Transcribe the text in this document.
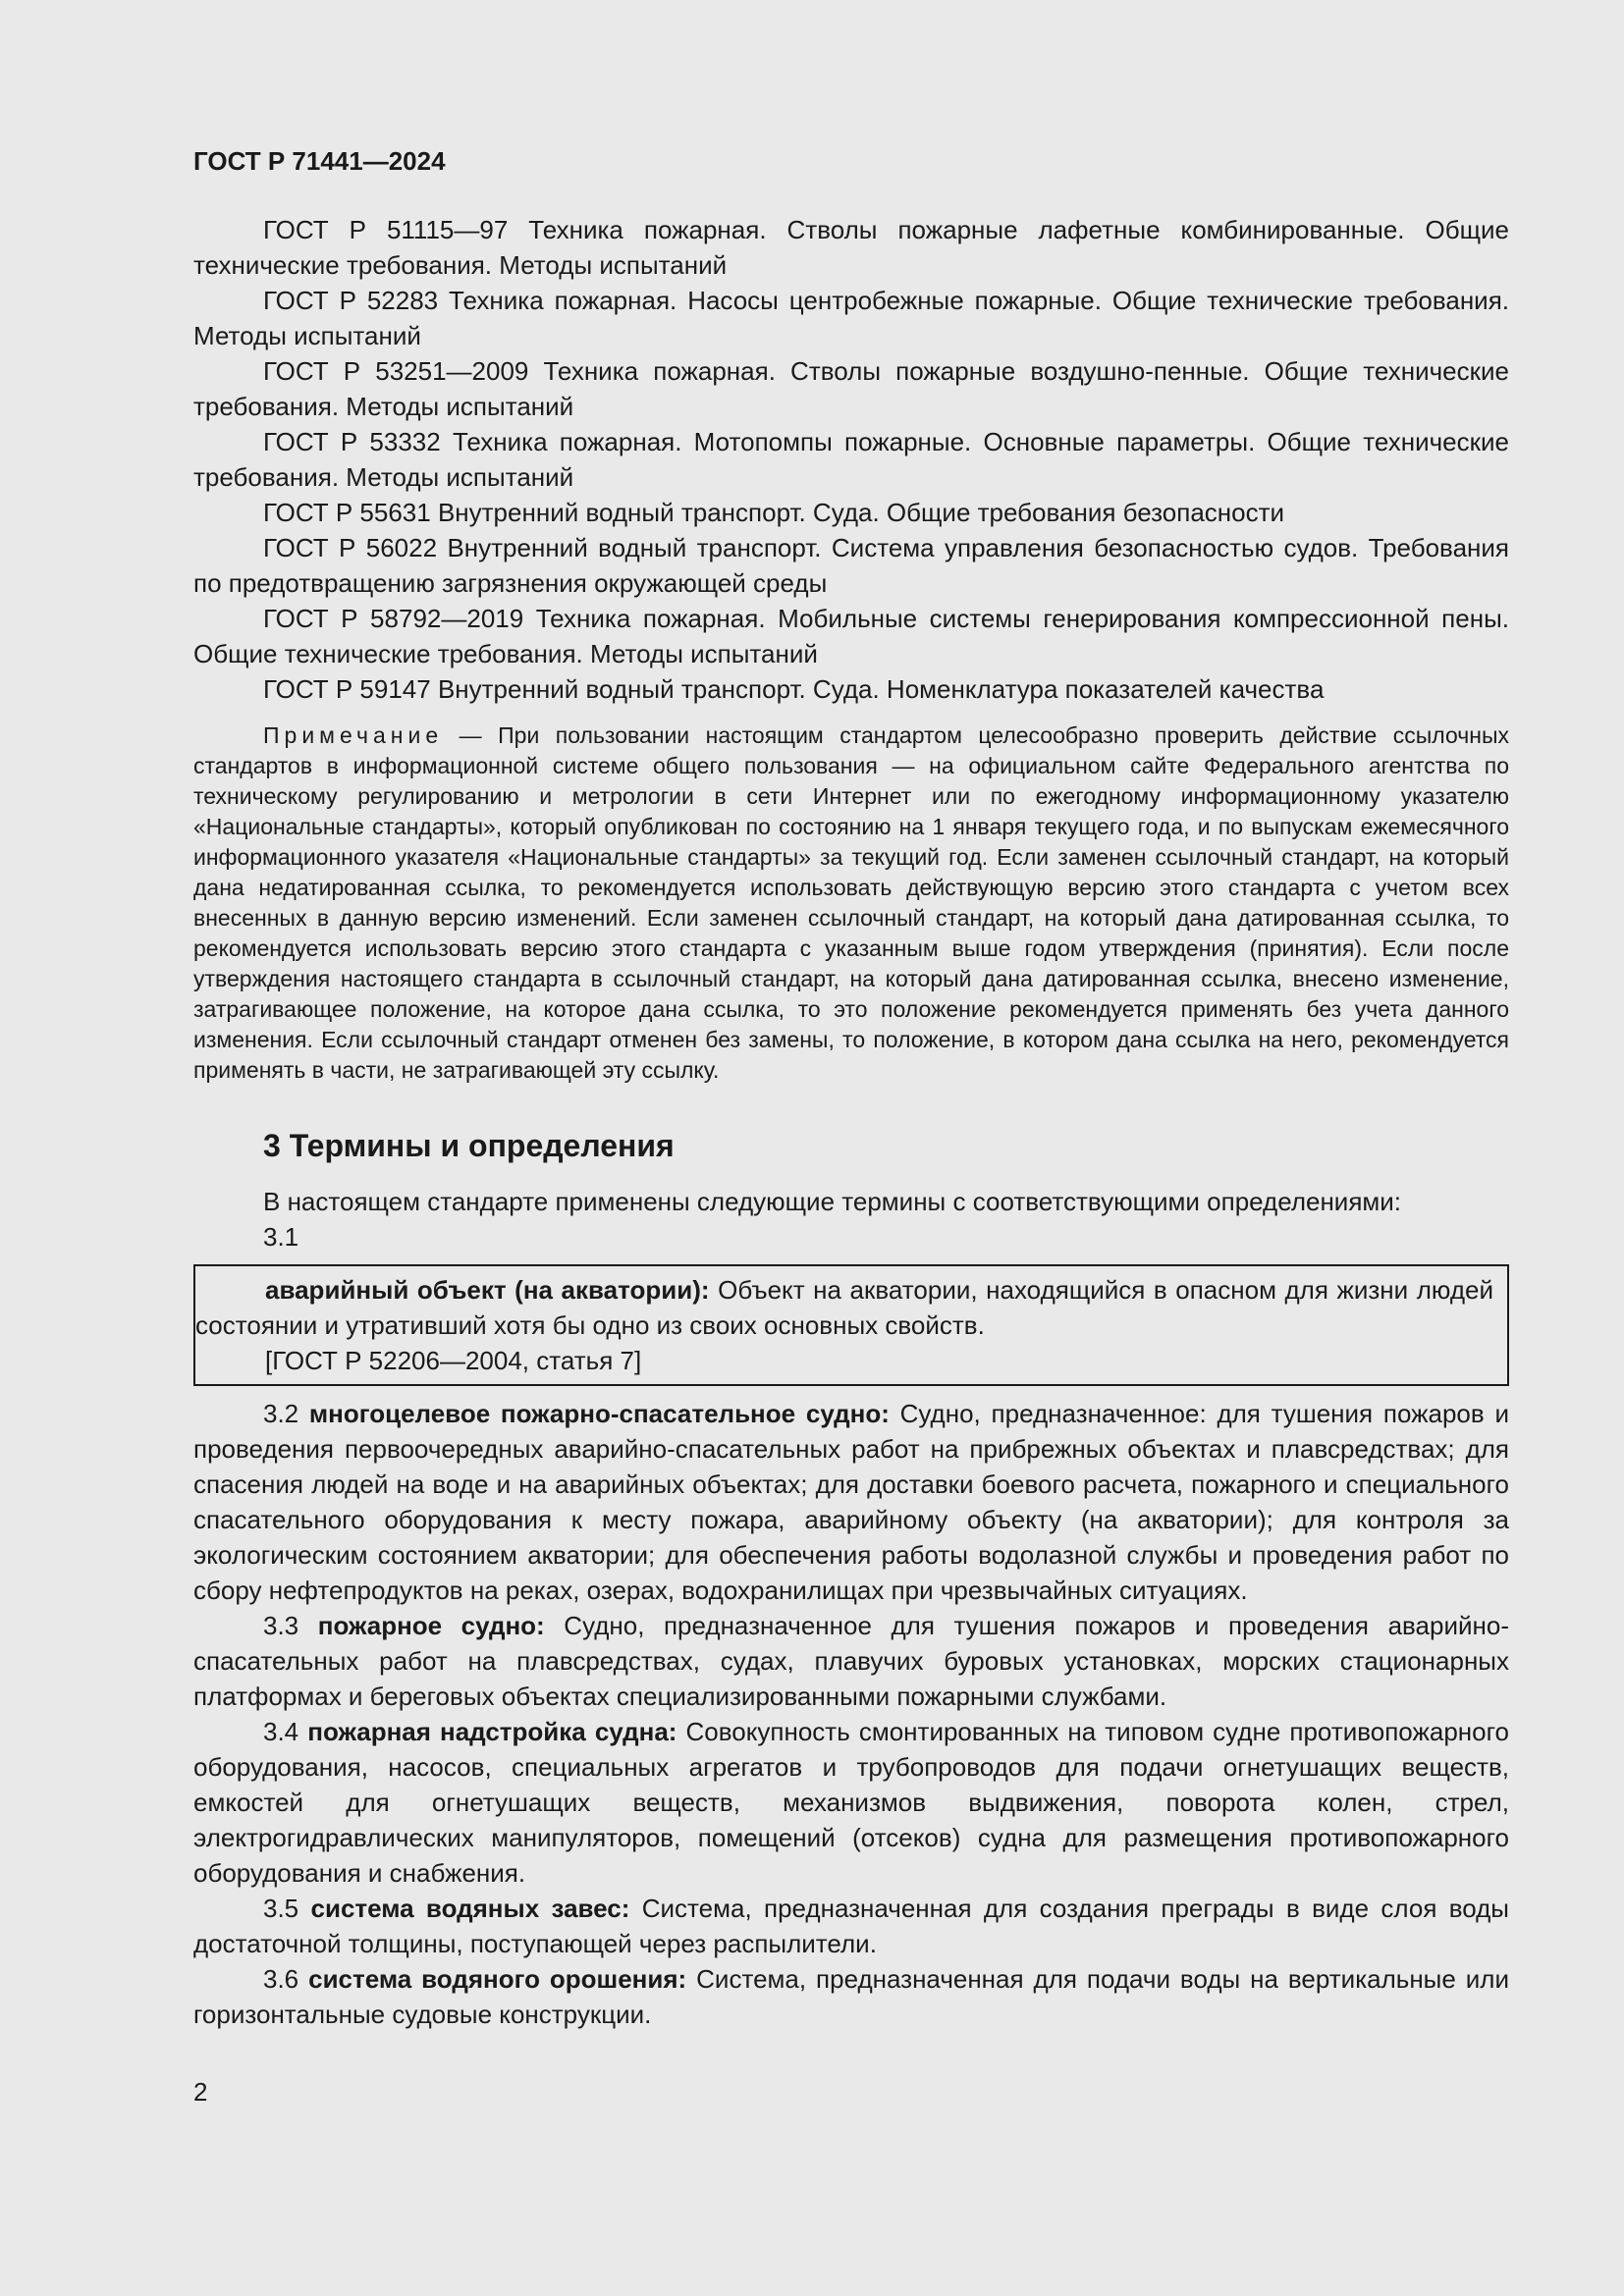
ГОСТ Р 71441—2024

ГОСТ Р 51115—97 Техника пожарная. Стволы пожарные лафетные комбинированные. Общие технические требования. Методы испытаний

ГОСТ Р 52283 Техника пожарная. Насосы центробежные пожарные. Общие технические требования. Методы испытаний

ГОСТ Р 53251—2009 Техника пожарная. Стволы пожарные воздушно-пенные. Общие технические требования. Методы испытаний

ГОСТ Р 53332 Техника пожарная. Мотопомпы пожарные. Основные параметры. Общие технические требования. Методы испытаний

ГОСТ Р 55631 Внутренний водный транспорт. Суда. Общие требования безопасности

ГОСТ Р 56022 Внутренний водный транспорт. Система управления безопасностью судов. Требования по предотвращению загрязнения окружающей среды

ГОСТ Р 58792—2019 Техника пожарная. Мобильные системы генерирования компрессионной пены. Общие технические требования. Методы испытаний

ГОСТ Р 59147 Внутренний водный транспорт. Суда. Номенклатура показателей качества

Примечание — При пользовании настоящим стандартом целесообразно проверить действие ссылочных стандартов в информационной системе общего пользования — на официальном сайте Федерального агентства по техническому регулированию и метрологии в сети Интернет или по ежегодному информационному указателю «Национальные стандарты», который опубликован по состоянию на 1 января текущего года, и по выпускам ежемесячного информационного указателя «Национальные стандарты» за текущий год. Если заменен ссылочный стандарт, на который дана недатированная ссылка, то рекомендуется использовать действующую версию этого стандарта с учетом всех внесенных в данную версию изменений. Если заменен ссылочный стандарт, на который дана датированная ссылка, то рекомендуется использовать версию этого стандарта с указанным выше годом утверждения (принятия). Если после утверждения настоящего стандарта в ссылочный стандарт, на который дана датированная ссылка, внесено изменение, затрагивающее положение, на которое дана ссылка, то это положение рекомендуется применять без учета данного изменения. Если ссылочный стандарт отменен без замены, то положение, в котором дана ссылка на него, рекомендуется применять в части, не затрагивающей эту ссылку.

3 Термины и определения

В настоящем стандарте применены следующие термины с соответствующими определениями:

3.1

аварийный объект (на акватории): Объект на акватории, находящийся в опасном для жизни людей состоянии и утративший хотя бы одно из своих основных свойств.

[ГОСТ Р 52206—2004, статья 7]

3.2 многоцелевое пожарно-спасательное судно: Судно, предназначенное: для тушения пожаров и проведения первоочередных аварийно-спасательных работ на прибрежных объектах и плавсредствах; для спасения людей на воде и на аварийных объектах; для доставки боевого расчета, пожарного и специального спасательного оборудования к месту пожара, аварийному объекту (на акватории); для контроля за экологическим состоянием акватории; для обеспечения работы водолазной службы и проведения работ по сбору нефтепродуктов на реках, озерах, водохранилищах при чрезвычайных ситуациях.

3.3 пожарное судно: Судно, предназначенное для тушения пожаров и проведения аварийно-спасательных работ на плавсредствах, судах, плавучих буровых установках, морских стационарных платформах и береговых объектах специализированными пожарными службами.

3.4 пожарная надстройка судна: Совокупность смонтированных на типовом судне противопожарного оборудования, насосов, специальных агрегатов и трубопроводов для подачи огнетушащих веществ, емкостей для огнетушащих веществ, механизмов выдвижения, поворота колен, стрел, электрогидравлических манипуляторов, помещений (отсеков) судна для размещения противопожарного оборудования и снабжения.

3.5 система водяных завес: Система, предназначенная для создания преграды в виде слоя воды достаточной толщины, поступающей через распылители.

3.6 система водяного орошения: Система, предназначенная для подачи воды на вертикальные или горизонтальные судовые конструкции.

2
